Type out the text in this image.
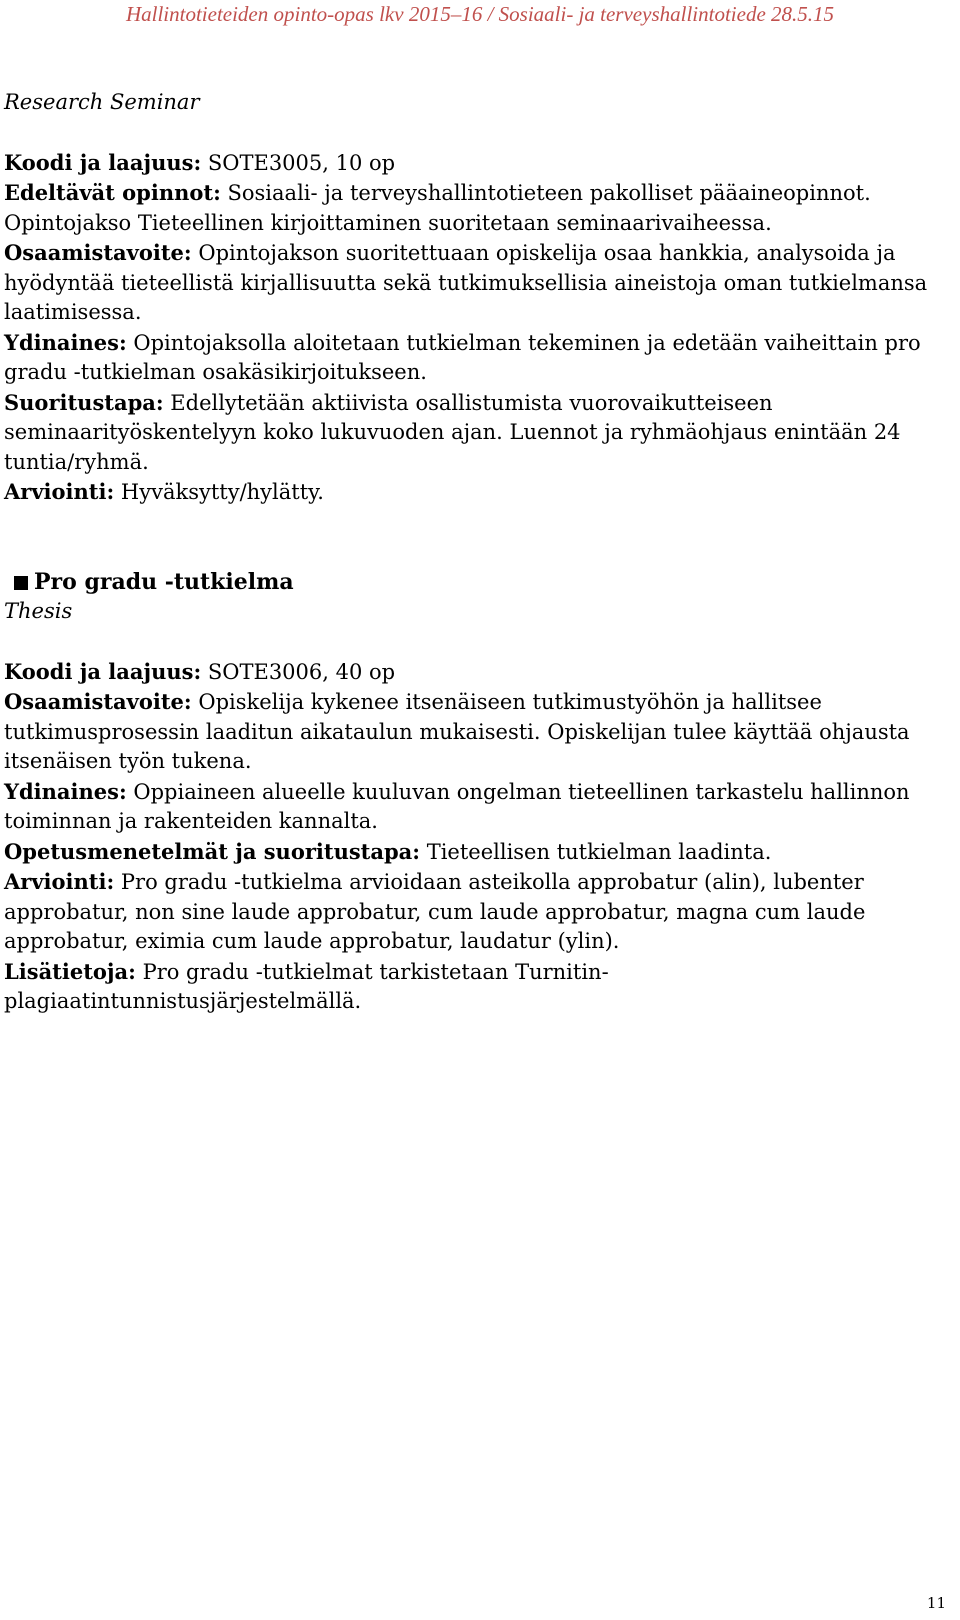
Hallintotieteiden opinto-opas lkv 2015–16 / Sosiaali- ja terveyshallintotiede 28.5.15

Research Seminar

Koodi ja laajuus: SOTE3005, 10 op

Edeltävät opinnot: Sosiaali- ja terveyshallintotieteen pakolliset pääaineopinnot. Opintojakso Tieteellinen kirjoittaminen suoritetaan seminaarivaiheessa.

Osaamistavoite: Opintojakson suoritettuaan opiskelija osaa hankkia, analysoida ja hyödyntää tieteellistä kirjallisuutta sekä tutkimuksellisia aineistoja oman tutkielmansa laatimisessa.

Ydinaines: Opintojaksolla aloitetaan tutkielman tekeminen ja edetään vaiheittain pro gradu -tutkielman osakäsikirjoitukseen.

Suoritustapa: Edellytetään aktiivista osallistumista vuorovaikutteiseen seminaarityöskentelyyn koko lukuvuoden ajan. Luennot ja ryhmäohjaus enintään 24 tuntia/ryhmä.

Arviointi: Hyväksytty/hylätty.

Pro gradu -tutkielma

Thesis

Koodi ja laajuus: SOTE3006, 40 op

Osaamistavoite: Opiskelija kykenee itsenäiseen tutkimustyöhön ja hallitsee tutkimusprosessin laaditun aikataulun mukaisesti. Opiskelijan tulee käyttää ohjausta itsenäisen työn tukena.

Ydinaines: Oppiaineen alueelle kuuluvan ongelman tieteellinen tarkastelu hallinnon toiminnan ja rakenteiden kannalta.

Opetusmenetelmät ja suoritustapa: Tieteellisen tutkielman laadinta.

Arviointi: Pro gradu -tutkielma arvioidaan asteikolla approbatur (alin), lubenter approbatur, non sine laude approbatur, cum laude approbatur, magna cum laude approbatur, eximia cum laude approbatur, laudatur (ylin).

Lisätietoja: Pro gradu -tutkielmat tarkistetaan Turnitin-plagiaatintunnistusjärjestelmällä.

11
